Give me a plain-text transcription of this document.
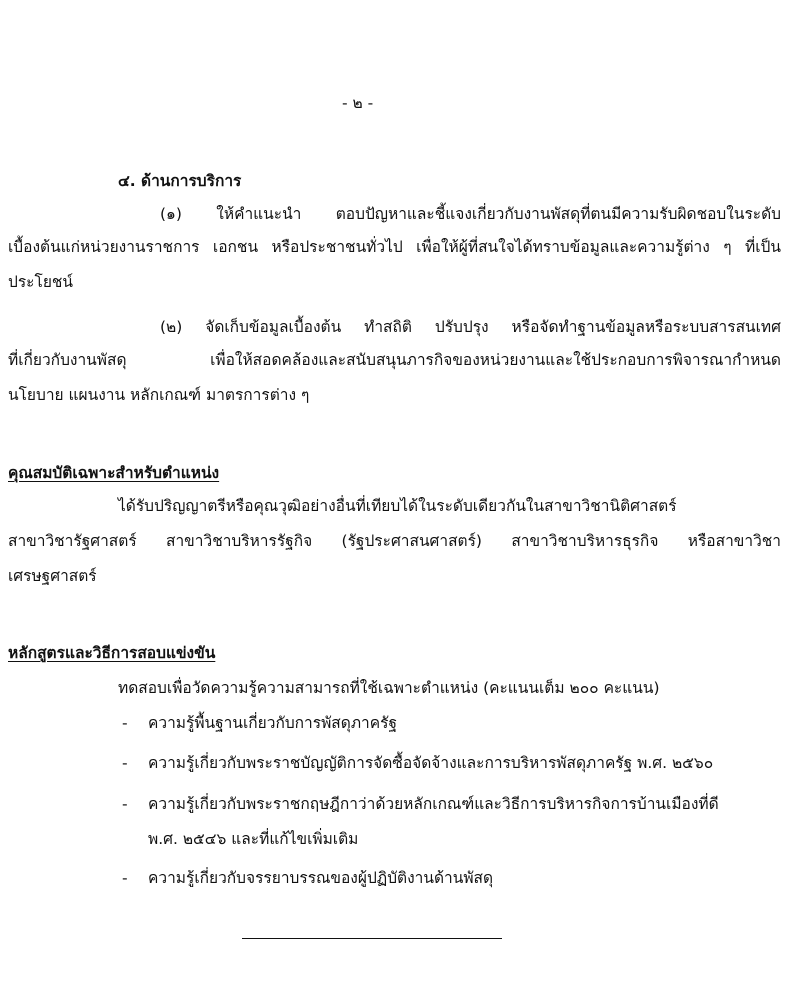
- ๒ -
๔. ด้านการบริการ
(๑) ให้คำแนะนำ ตอบปัญหาและชี้แจงเกี่ยวกับงานพัสดุที่ตนมีความรับผิดชอบในระดับ
เบื้องต้นแก่หน่วยงานราชการ เอกชน หรือประชาชนทั่วไป เพื่อให้ผู้ที่สนใจได้ทราบข้อมูลและความรู้ต่าง ๆ ที่เป็น
ประโยชน์
(๒) จัดเก็บข้อมูลเบื้องต้น ทำสถิติ ปรับปรุง หรือจัดทำฐานข้อมูลหรือระบบสารสนเทศ
ที่เกี่ยวกับงานพัสดุ เพื่อให้สอดคล้องและสนับสนุนภารกิจของหน่วยงานและใช้ประกอบการพิจารณากำหนด
นโยบาย แผนงาน หลักเกณฑ์ มาตรการต่าง ๆ
คุณสมบัติเฉพาะสำหรับตำแหน่ง
ได้รับปริญญาตรีหรือคุณวุฒิอย่างอื่นที่เทียบได้ในระดับเดียวกันในสาขาวิชานิติศาสตร์
สาขาวิชารัฐศาสตร์ สาขาวิชาบริหารรัฐกิจ (รัฐประศาสนศาสตร์) สาขาวิชาบริหารธุรกิจ หรือสาขาวิชา
เศรษฐศาสตร์
หลักสูตรและวิธีการสอบแข่งขัน
ทดสอบเพื่อวัดความรู้ความสามารถที่ใช้เฉพาะตำแหน่ง (คะแนนเต็ม ๒๐๐ คะแนน)
- ความรู้พื้นฐานเกี่ยวกับการพัสดุภาครัฐ
- ความรู้เกี่ยวกับพระราชบัญญัติการจัดซื้อจัดจ้างและการบริหารพัสดุภาครัฐ พ.ศ. ๒๕๖๐
- ความรู้เกี่ยวกับพระราชกฤษฎีกาว่าด้วยหลักเกณฑ์และวิธีการบริหารกิจการบ้านเมืองที่ดี
พ.ศ. ๒๕๔๖ และที่แก้ไขเพิ่มเติม
- ความรู้เกี่ยวกับจรรยาบรรณของผู้ปฏิบัติงานด้านพัสดุ
